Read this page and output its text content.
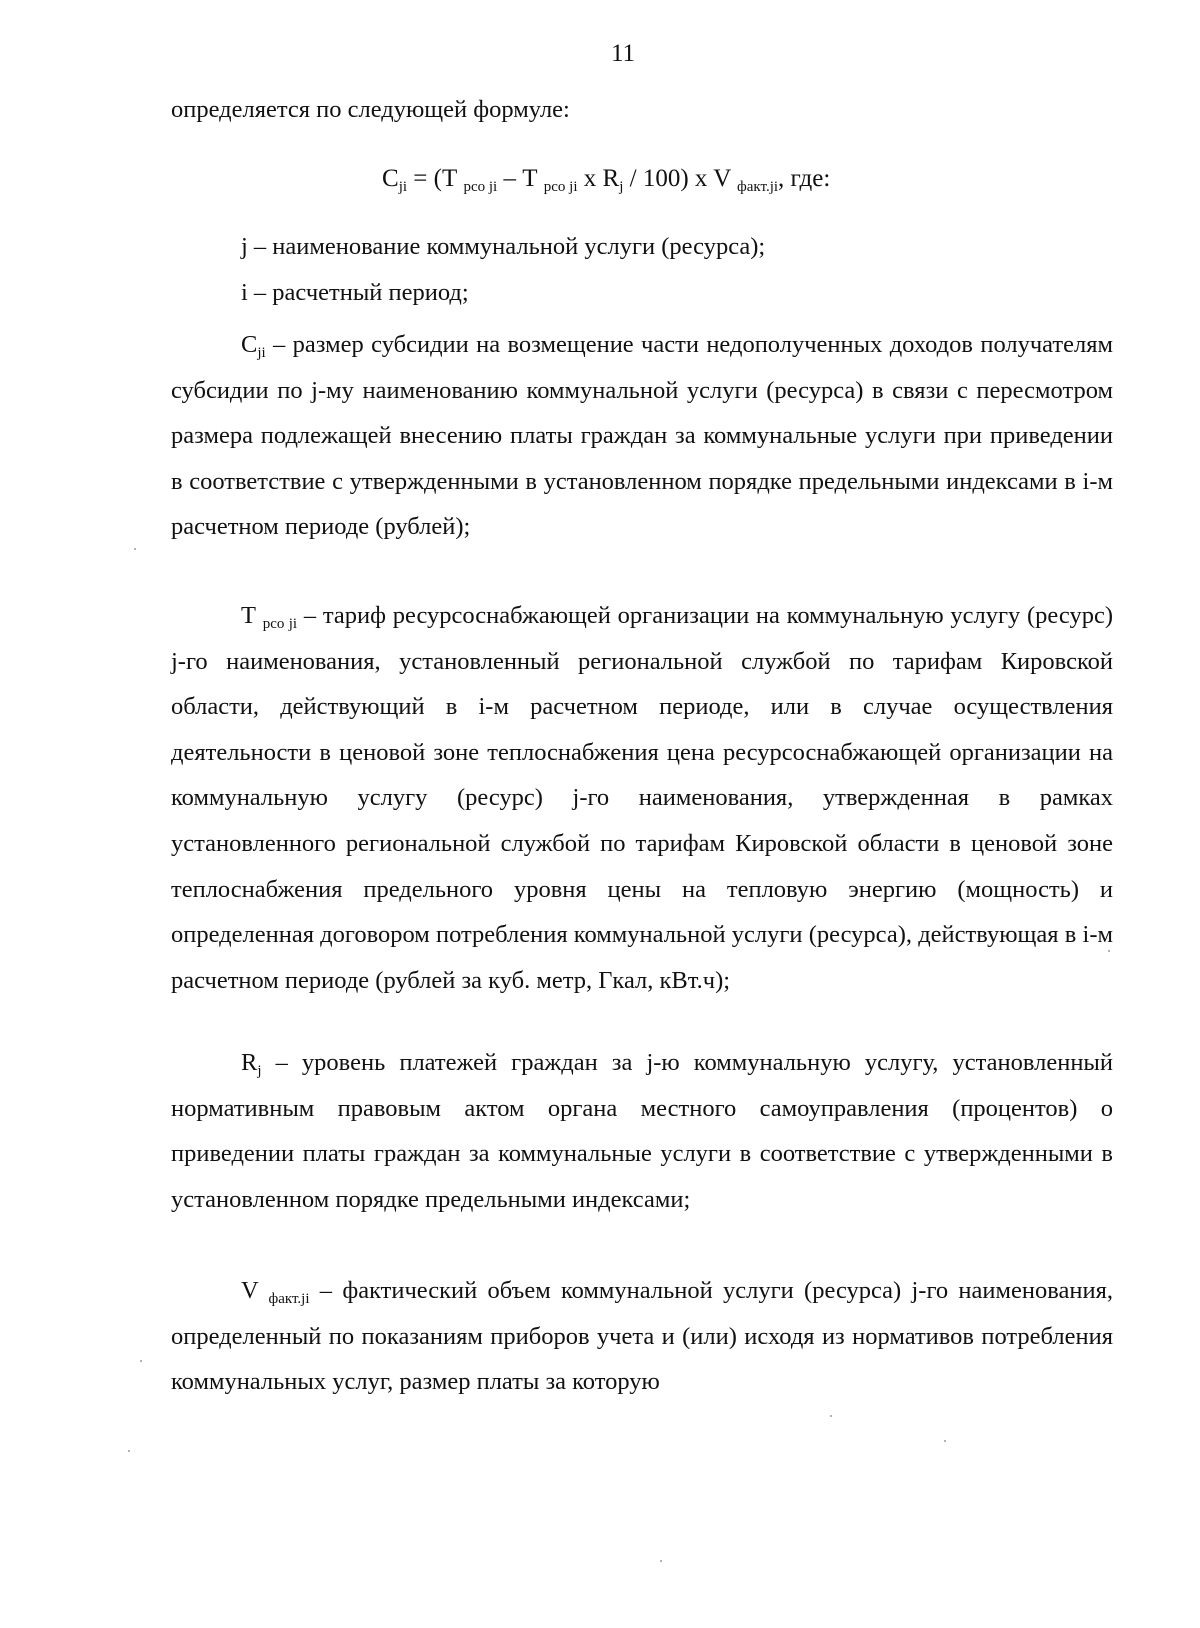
11
определяется по следующей формуле:
$C_{ji} = (Т$ $_{рсо ji}$ – Т $_{рсо ji}$ x $R_j / 100$) x V $_{факт.ji}$, где:

j – наименование коммунальной услуги (ресурса);

i – расчетный период;

$C_{ji}$ – размер субсидии на возмещение части недополученных доходов получателям субсидии по j-му наименованию коммунальной услуги (ресурса) в связи с пересмотром размера подлежащей внесению платы граждан за коммунальные услуги при приведении в соответствие с утвержденными в установленном порядке предельными индексами в i-м расчетном периоде (рублей);

Т $_{рсо ji}$ – тариф ресурсоснабжающей организации на коммунальную услугу (ресурс) j-го наименования, установленный региональной службой по тарифам Кировской области, действующий в i-м расчетном периоде, или в случае осуществления деятельности в ценовой зоне теплоснабжения цена ресурсоснабжающей организации на коммунальную услугу (ресурс) j-го наименования, утвержденная в рамках установленного региональной службой по тарифам Кировской области в ценовой зоне теплоснабжения предельного уровня цены на тепловую энергию (мощность) и определенная договором потребления коммунальной услуги (ресурса), действующая в i-м расчетном периоде (рублей за куб. метр, Гкал, кВт.ч);

$R_j$ – уровень платежей граждан за j-ю коммунальную услугу, установленный нормативным правовым актом органа местного самоуправления (процентов) о приведении платы граждан за коммунальные услуги в соответствие с утвержденными в установленном порядке предельными индексами;

V $_{факт.ji}$ – фактический объем коммунальной услуги (ресурса) j-го наименования, определенный по показаниям приборов учета и (или) исходя из нормативов потребления коммунальных услуг, размер платы за которую
